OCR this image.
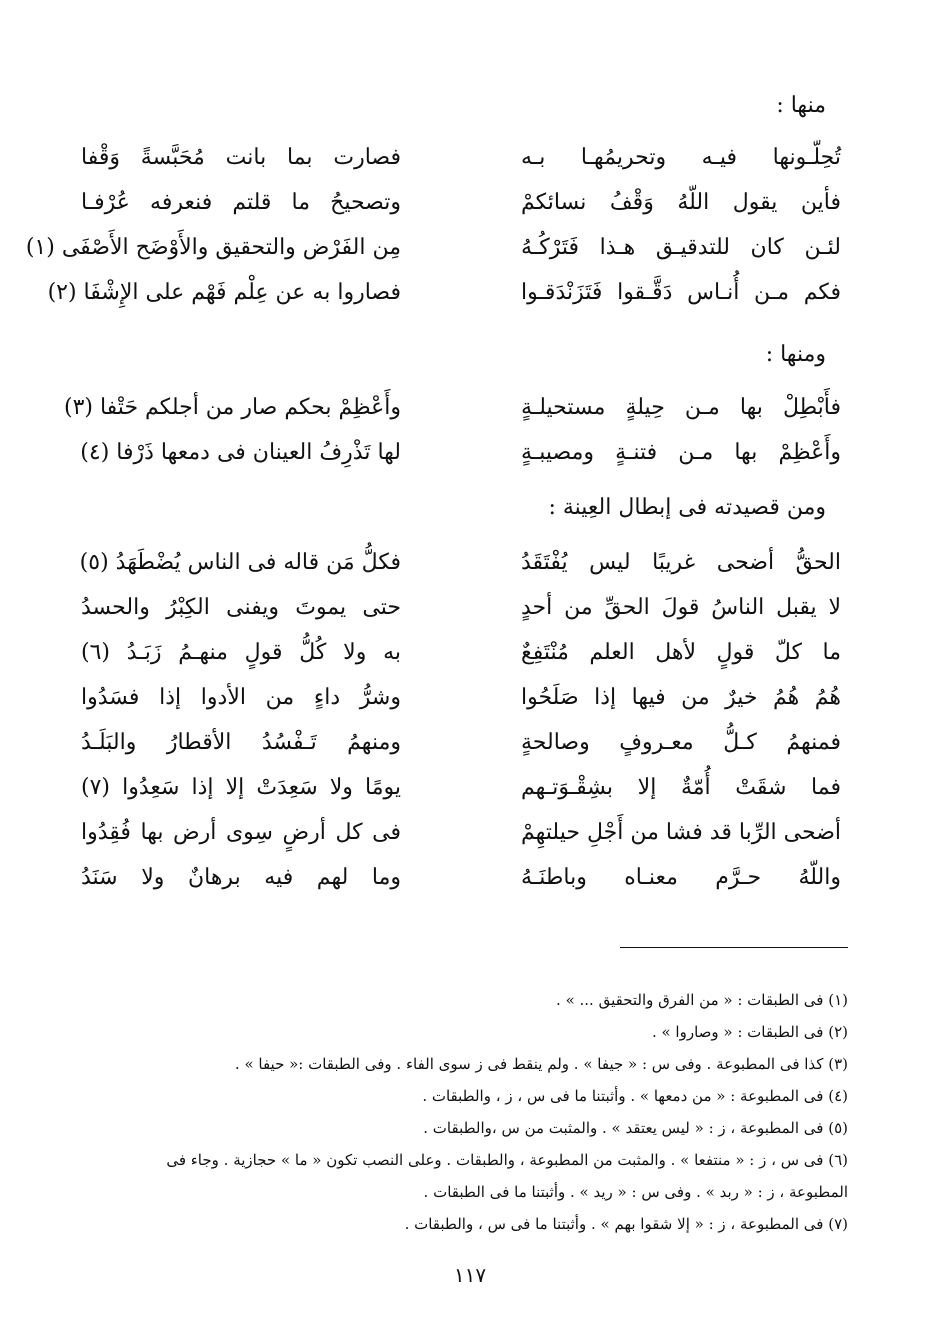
منها :
تُحِلّـونها فيـه وتحريمُهـا بـه
فصارت بما بانت مُحَبَّسةً وَقْفا
فأين يقول اللّهُ وَقْفُ نسائكمْ
وتصحيحُ ما قلتم فنعرفه عُرْفـا
لئـن كان للتدقيـق هـذا فَتَرْكُـهُ
مِن الفَرْض والتحقيق والأَوْضَح الأَصْفَى (١)
فكم مـن أُنـاس دَقَّـقوا فَتَزَنْدَقـوا
فصاروا به عن عِلْم فَهْم على الإِشْفَا (٢)
ومنها :
فأَبْطِلْ بها مـن حِيلةٍ مستحيلـةٍ
وأَعْظِمْ بحكم صار من أجلكم حَتْفا (٣)
وأَعْظِمْ بها مـن فتنـةٍ ومصيبـةٍ
لها تَذْرِفُ العينان فى دمعها ذَرْفا (٤)
ومن قصيدته فى إبطال العِينة :
الحقُّ أضحى غريبًا ليس يُفْتَقَدُ
فكلُّ مَن قاله فى الناس يُضْطَهَدُ (٥)
لا يقبل الناسُ قولَ الحقِّ من أحدٍ
حتى يموتَ ويفنى الكِبْرُ والحسدُ
ما كلّ قولٍ لأهل العلم مُنْتَفِعٌ
به ولا كُلُّ قولٍ منهـمُ زَبَـدُ (٦)
هُمُ هُمُ خيرٌ من فيها إذا صَلَحُوا
وشرُّ داءٍ من الأدوا إذا فسَدُوا
فمنهمُ كـلُّ معـروفٍ وصالحةٍ
ومنهمُ تَـفْسُدُ الأقطارُ والبَلَـدُ
فما شقَتْ أُمّةٌ إلا بشِقْـوَتـهم
يومًا ولا سَعِدَتْ إلا إذا سَعِدُوا (٧)
أضحى الرِّبا قد فشا من أَجْلِ حيلتهِمْ
فى كل أرضٍ سِوى أرض بها فُقِدُوا
واللّهُ حـرَّم معنـاه وباطنَـهُ
وما لهم فيه برهانٌ ولا سَنَدُ
(١) فى الطبقات : « من الفرق والتحقيق ... » .
(٢) فى الطبقات : « وصاروا » .
(٣) كذا فى المطبوعة . وفى س : « جيفا » . ولم ينقط فى ز سوى الفاء . وفى الطبقات :« حيفا » .
(٤) فى المطبوعة : « من دمعها » . وأثبتنا ما فى س ، ز ، والطبقات .
(٥) فى المطبوعة ، ز : « ليس يعتقد » . والمثبت من س ،والطبقات .
(٦) فى س ، ز : « منتفعا » . والمثبت من المطبوعة ، والطبقات . وعلى النصب تكون « ما » حجازية . وجاء فى المطبوعة ، ز : « ربد » . وفى س : « ريد » . وأثبتنا ما فى الطبقات .
(٧) فى المطبوعة ، ز : « إلا شقوا بهم » . وأثبتنا ما فى س ، والطبقات .
١١٧
